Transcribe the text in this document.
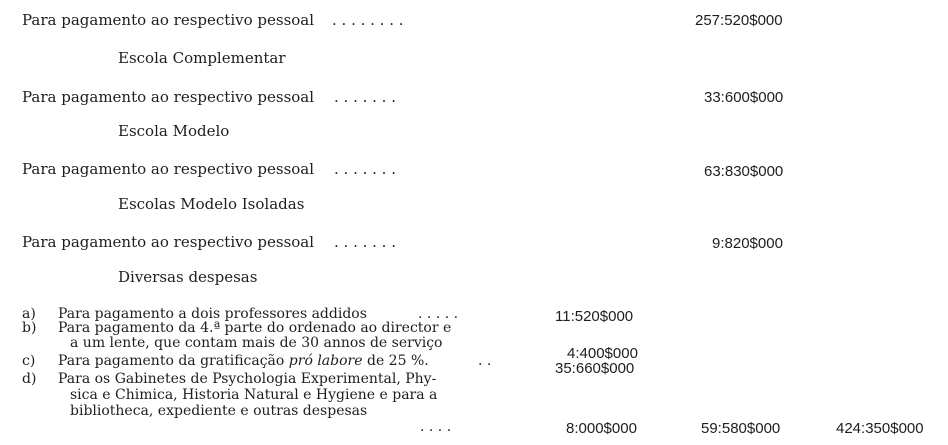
Para pagamento ao respectivo pessoal . . . . . . . .	257:520$000
Escola Complementar
Para pagamento ao respectivo pessoal . . . . . . .	33:600$000
Escola Modelo
Para pagamento ao respectivo pessoal . . . . . . .	63:830$000
Escolas Modelo Isoladas
Para pagamento ao respectivo pessoal . . . . . . .	9:820$000
Diversas despesas
a) Para pagamento a dois professores addidos	. . . . .	11:520$000
b) Para pagamento da 4.ª parte do ordenado ao director e
a um lente, que contam mais de 30 annos de serviço
4:400$000
c) Para pagamento da gratificação pró labore de 25 %.	. .	35:660$000
d) Para os Gabinetes de Psychologia Experimental, Phy-
sica e Chimica, Historia Natural e Hygiene e para a
bibliotheca, expediente e outras despesas
. . . .	8:000$000	59:580$000	424:350$000
